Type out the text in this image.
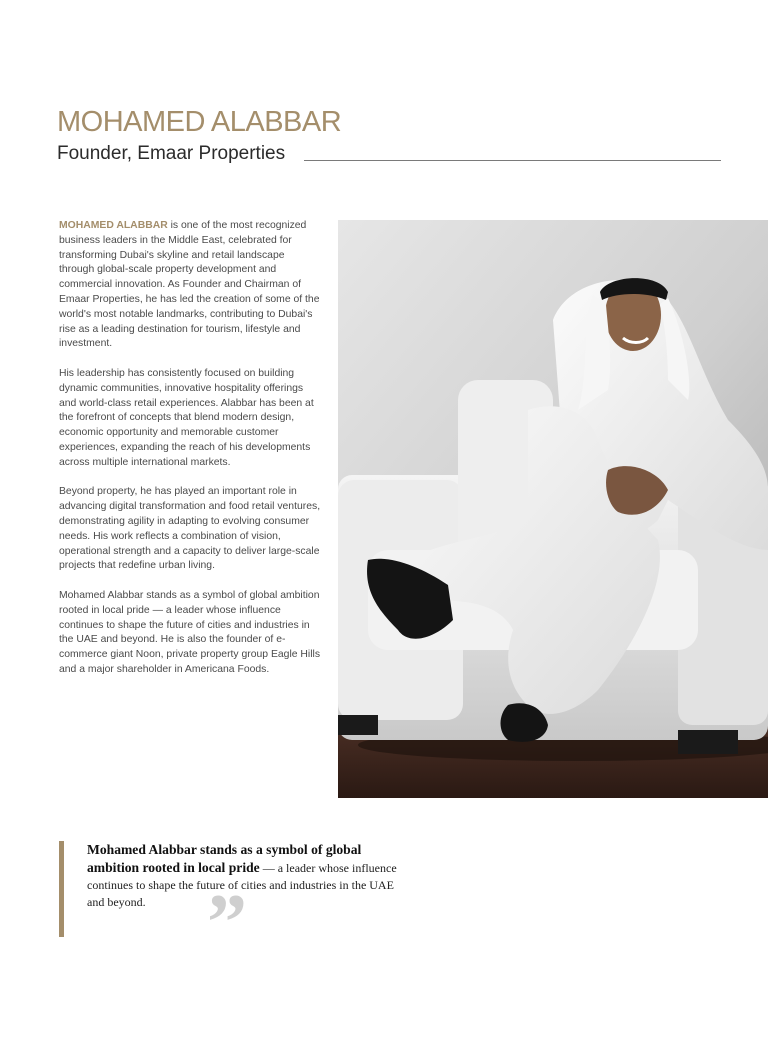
MOHAMED ALABBAR
Founder, Emaar Properties

MOHAMED ALABBAR is one of the most recognized business leaders in the Middle East, celebrated for transforming Dubai's skyline and retail landscape through global-scale property development and commercial innovation. As Founder and Chairman of Emaar Properties, he has led the creation of some of the world's most notable landmarks, contributing to Dubai's rise as a leading destination for tourism, lifestyle and investment.

His leadership has consistently focused on building dynamic communities, innovative hospitality offerings and world-class retail experiences. Alabbar has been at the forefront of concepts that blend modern design, economic opportunity and memorable customer experiences, expanding the reach of his developments across multiple international markets.

Beyond property, he has played an important role in advancing digital transformation and food retail ventures, demonstrating agility in adapting to evolving consumer needs. His work reflects a combination of vision, operational strength and a capacity to deliver large-scale projects that redefine urban living.

Mohamed Alabbar stands as a symbol of global ambition rooted in local pride — a leader whose influence continues to shape the future of cities and industries in the UAE and beyond. He is also the founder of e-commerce giant Noon, private property group Eagle Hills and a major shareholder in Americana Foods.

Mohamed Alabbar stands as a symbol of global ambition rooted in local pride — a leader whose influence continues to shape the future of cities and industries in the UAE and beyond. ”
